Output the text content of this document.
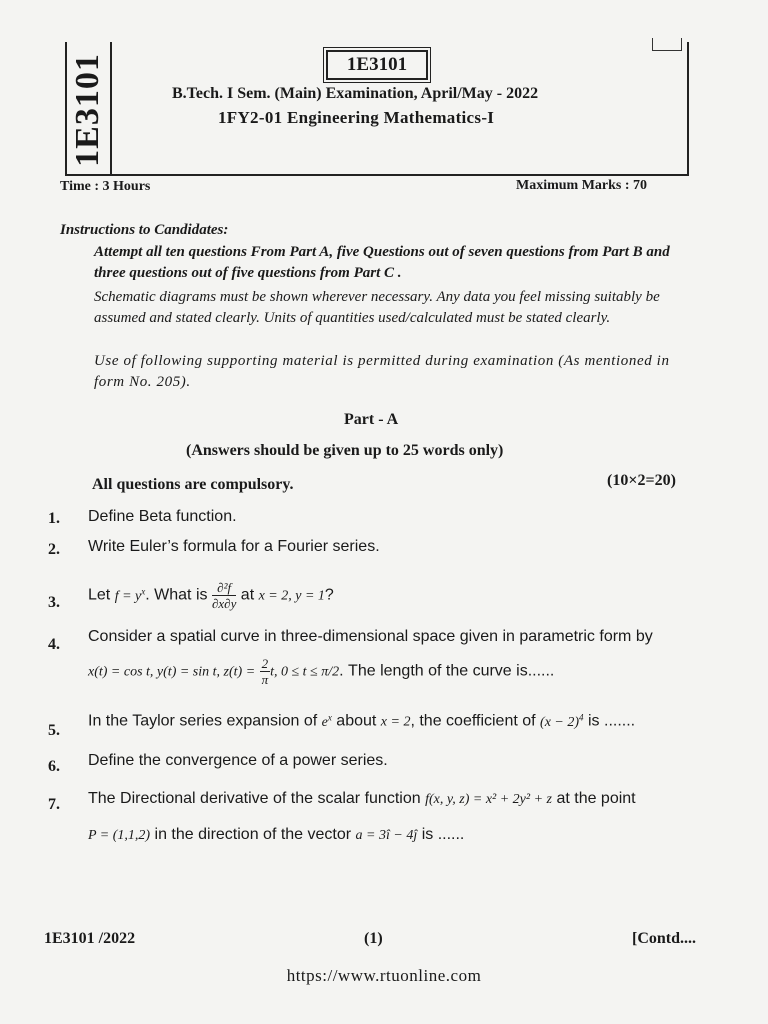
1E3101	1E3101
B.Tech. I Sem. (Main) Examination, April/May - 2022
1FY2-01 Engineering Mathematics-I
Time : 3 Hours	Maximum Marks : 70
Instructions to Candidates:
Attempt all ten questions From Part A, five Questions out of seven questions from Part B and three questions out of five questions from Part C .
Schematic diagrams must be shown wherever necessary. Any data you feel missing suitably be assumed and stated clearly. Units of quantities used/calculated must be stated clearly.
Use of following supporting material is permitted during examination (As mentioned in form No. 205).
Part - A
(Answers should be given up to 25 words only)
All questions are compulsory.	(10×2=20)
1.	Define Beta function.
2.	Write Euler’s formula for a Fourier series.
3.	Let $f = y^x$. What is $\frac{\text{∂²f}}{\partial x\partial y}$ at x = 2, y = 1?
4.	Consider a spatial curve in three-dimensional space given in parametric form by
x(t) = cos t, y(t) = sin t, $z(t) = \frac{2}{\pi} t$, 0 ≤ t ≤ π/2. The length of the curve is......
5.
In the Taylor series expansion of $e^x$ about x = 2, the coefficient of $(x - 2)^4$ is .......
6.	Define the convergence of a power series.
7.	The Directional derivative of the scalar function f(x, y, z) = x² + 2y² + z at the point
P = (1,1,2) in the direction of the vector a = 3î − 4ĵ is ......
1E3101 /2022	(1)	[Contd....
https://www.rtuonline.com
